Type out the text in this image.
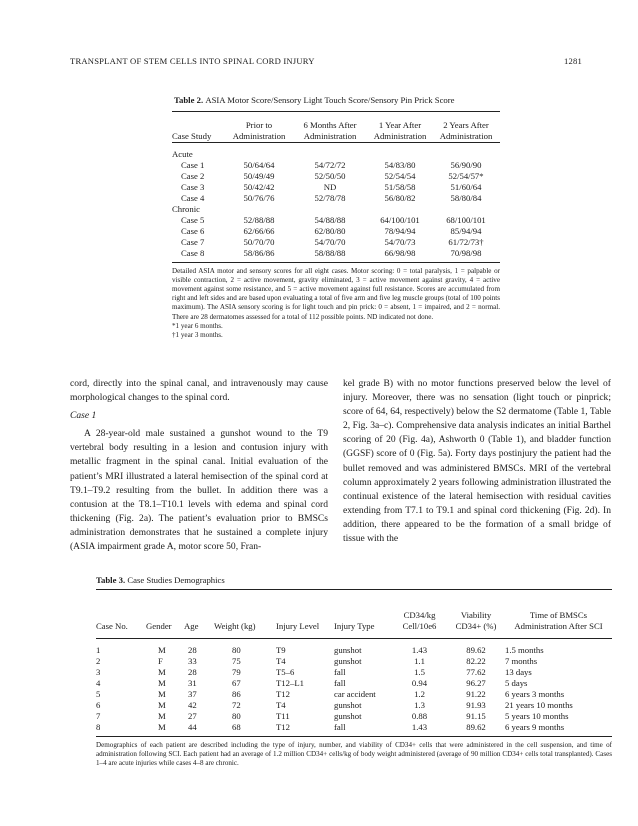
TRANSPLANT OF STEM CELLS INTO SPINAL CORD INJURY	1281
Table 2. ASIA Motor Score/Sensory Light Touch Score/Sensory Pin Prick Score
Case Study	Prior to Administration	6 Months After Administration	1 Year After Administration	2 Years After Administration

Acute				
Case 1	50/64/64	54/72/72	54/83/80	56/90/90
Case 2	50/49/49	52/50/50	52/54/54	52/54/57*
Case 3	50/42/42	ND	51/58/58	51/60/64
Case 4	50/76/76	52/78/78	56/80/82	58/80/84
Chronic				
Case 5	52/88/88	54/88/88	64/100/101	68/100/101
Case 6	62/66/66	62/80/80	78/94/94	85/94/94
Case 7	50/70/70	54/70/70	54/70/73	61/72/73†
Case 8	58/86/86	58/88/88	66/98/98	70/98/98
Detailed ASIA motor and sensory scores for all eight cases. Motor scoring: 0 = total paralysis, 1 = palpable or visible contraction, 2 = active movement, gravity eliminated, 3 = active movement against gravity, 4 = active movement against some resistance, and 5 = active movement against full resistance. Scores are accumulated from right and left sides and are based upon evaluating a total of five arm and five leg muscle groups (total of 100 points maximum). The ASIA sensory scoring is for light touch and pin prick: 0 = absent, 1 = impaired, and 2 = normal. There are 28 dermatomes assessed for a total of 112 possible points. ND indicated not done.
*1 year 6 months.
†1 year 3 months.

cord, directly into the spinal canal, and intravenously may cause morphological changes to the spinal cord.

Case 1

A 28-year-old male sustained a gunshot wound to the T9 vertebral body resulting in a lesion and contusion injury with metallic fragment in the spinal canal. Initial evaluation of the patient’s MRI illustrated a lateral hemisection of the spinal cord at T9.1–T9.2 resulting from the bullet. In addition there was a contusion at the T8.1–T10.1 levels with edema and spinal cord thickening (Fig. 2a). The patient’s evaluation prior to BMSCs administration demonstrates that he sustained a complete injury (ASIA impairment grade A, motor score 50, Fran-

kel grade B) with no motor functions preserved below the level of injury. Moreover, there was no sensation (light touch or pinprick; score of 64, 64, respectively) below the S2 dermatome (Table 1, Table 2, Fig. 3a–c). Comprehensive data analysis indicates an initial Barthel scoring of 20 (Fig. 4a), Ashworth 0 (Table 1), and bladder function (GGSF) score of 0 (Fig. 5a). Forty days postinjury the patient had the bullet removed and was administered BMSCs. MRI of the vertebral column approximately 2 years following administration illustrated the continual existence of the lateral hemisection with residual cavities extending from T7.1 to T9.1 and spinal cord thickening (Fig. 2d). In addition, there appeared to be the formation of a small bridge of tissue with the

Table 3. Case Studies Demographics
Case No.	Gender	Age	Weight (kg)	Injury Level	Injury Type	CD34/kg Cell/10e6	Viability CD34+ (%)	Time of BMSCs Administration After SCI

1	M	28	80	T9	gunshot	1.43	89.62	1.5 months
2	F	33	75	T4	gunshot	1.1	82.22	7 months
3	M	28	79	T5–6	fall	1.5	77.62	13 days
4	M	31	67	T12–L1	fall	0.94	96.27	5 days
5	M	37	86	T12	car accident	1.2	91.22	6 years 3 months
6	M	42	72	T4	gunshot	1.3	91.93	21 years 10 months
7	M	27	80	T11	gunshot	0.88	91.15	5 years 10 months
8	M	44	68	T12	fall	1.43	89.62	6 years 9 months
Demographics of each patient are described including the type of injury, number, and viability of CD34+ cells that were administered in the cell suspension, and time of administration following SCI. Each patient had an average of 1.2 million CD34+ cells/kg of body weight administered (average of 90 million CD34+ cells total transplanted). Cases 1–4 are acute injuries while cases 4–8 are chronic.
